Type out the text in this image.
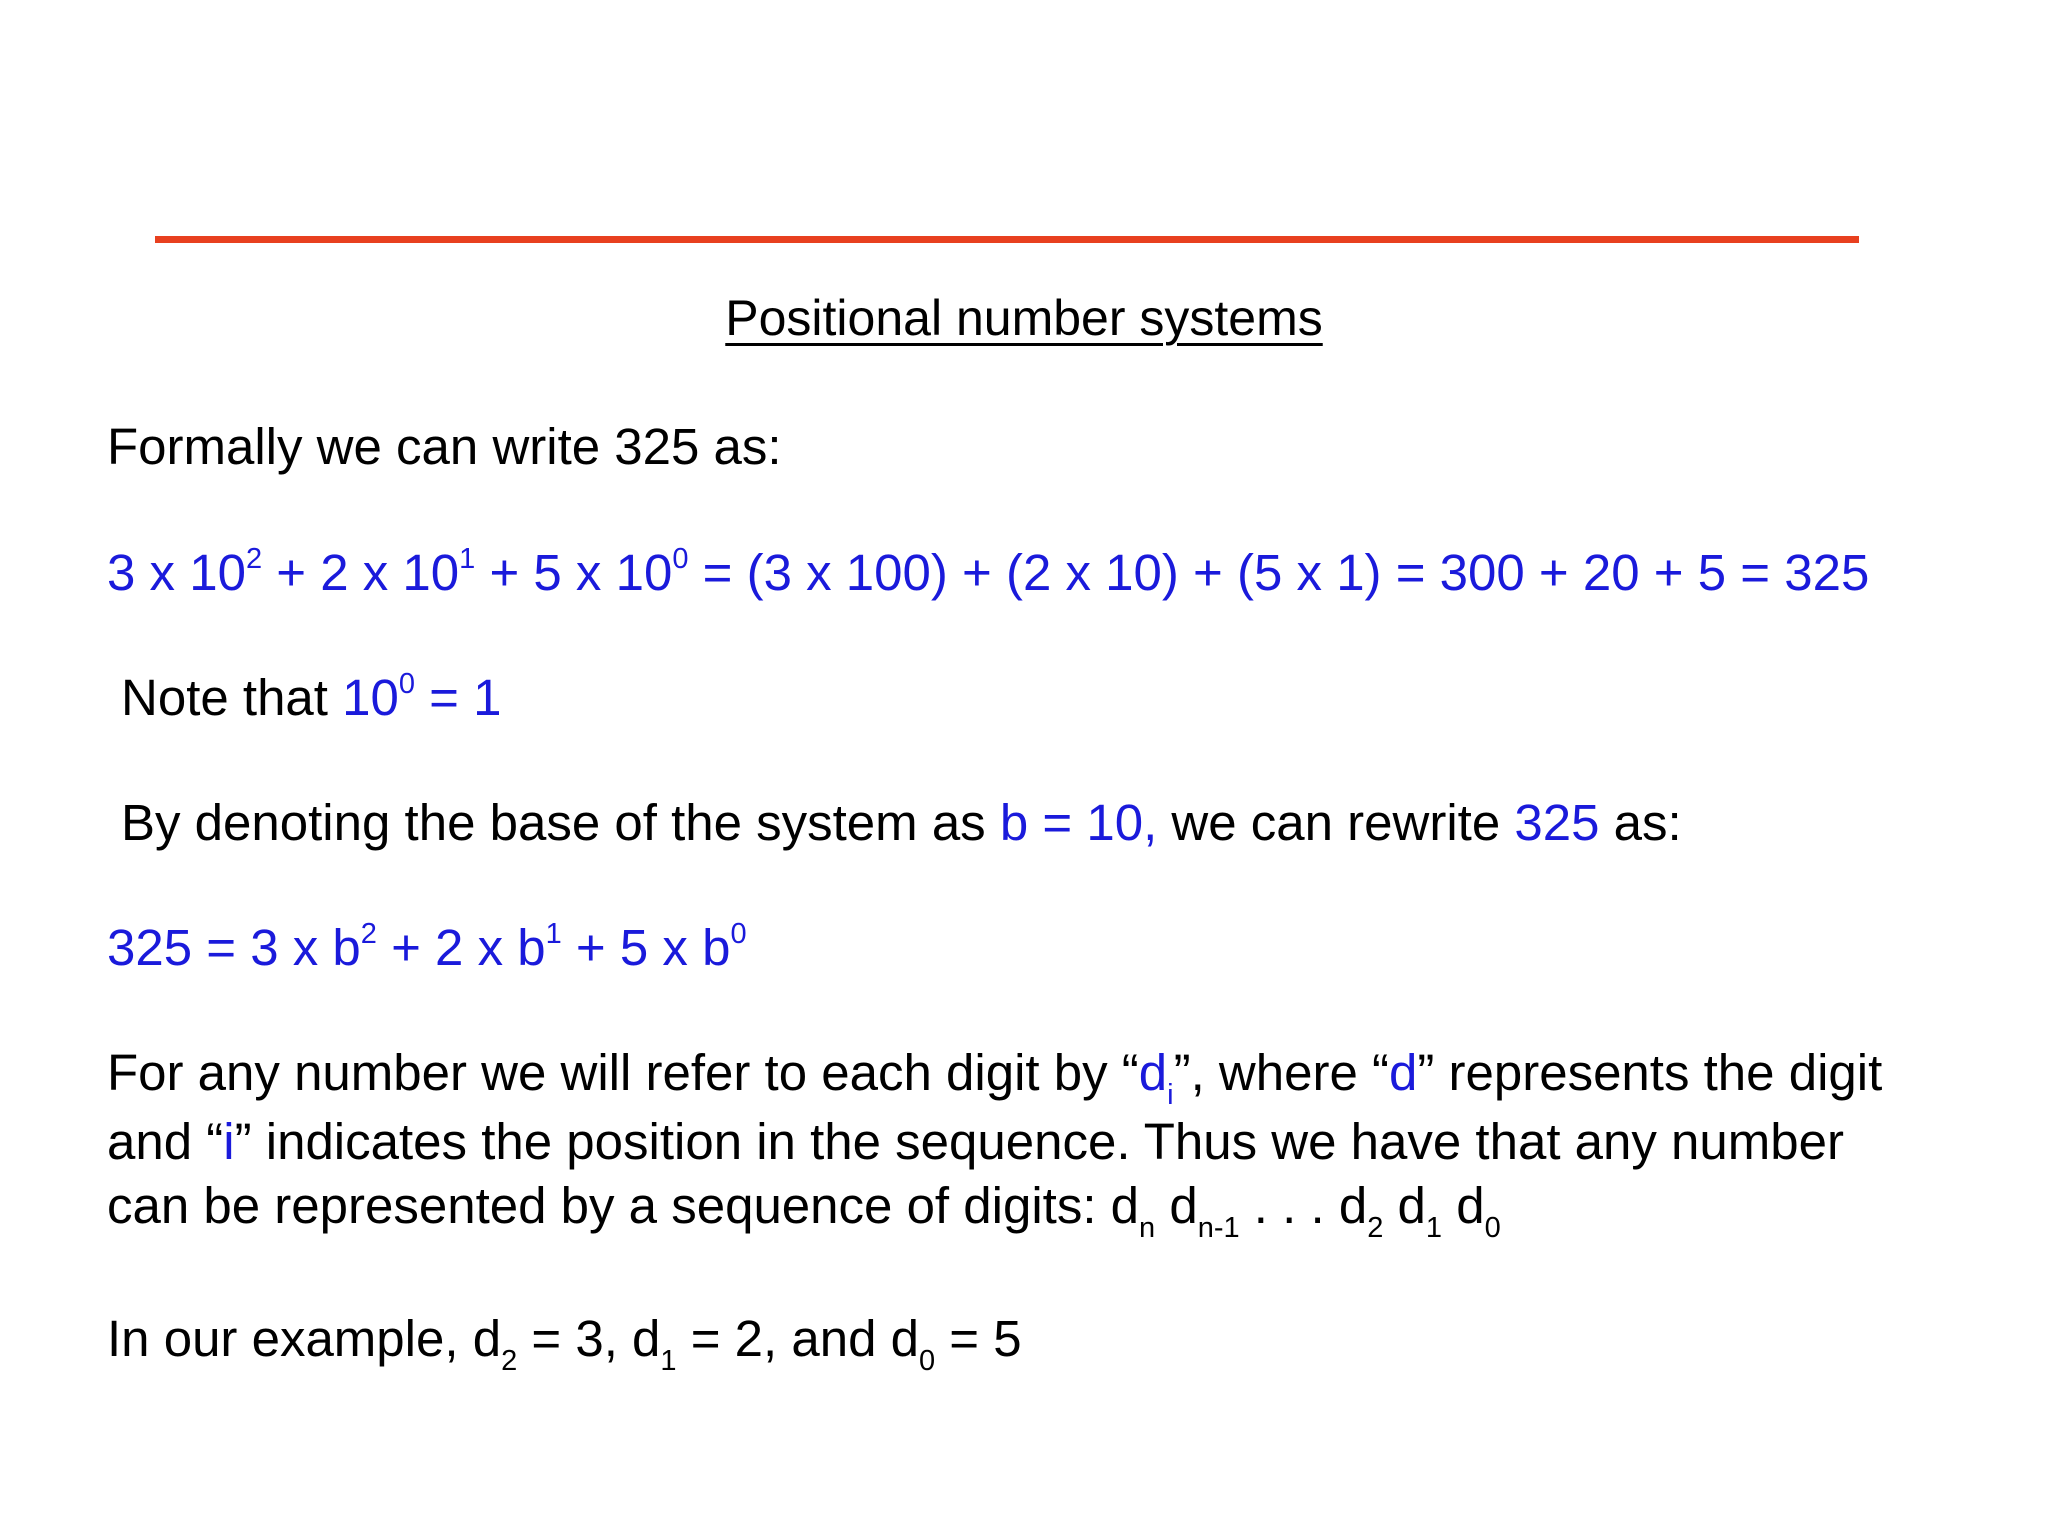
Positional number systems
Formally we can write 325 as:
3 x $10^2 + 2$ x $10^1 + 5$ x $10^0 = (3$ x 100) + (2 x 10) + (5 x 1) = 300 + 20 + 5 = 325
Note that $10^0 = 1$
By denoting the base of the system as b = 10, we can rewrite 325 as:
325 = 3 x $b^2 + 2$ x $b^1 + 5$ x $b^0$
For any number we will refer to each digit by “$d_i$”, where “d” represents the digit
and “i” indicates the position in the sequence. Thus we have that any number
can be represented by a sequence of digits: $d_n$ $d_{n-1}$ . . . $d_2$ $d_1$ $d_0$
In our example, $d_2 = 3$, $d_1 = 2$, and $d_0 = 5$
